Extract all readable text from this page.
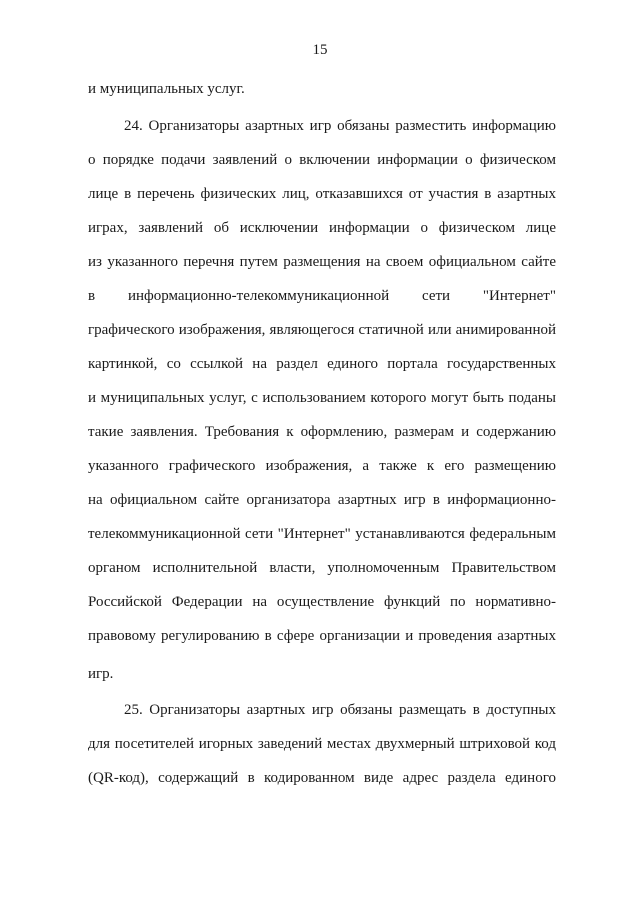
15
и муниципальных услуг.
24. Организаторы азартных игр обязаны разместить информацию
о порядке подачи заявлений о включении информации о физическом
лице в перечень физических лиц, отказавшихся от участия в азартных
играх, заявлений об исключении информации о физическом лице
из указанного перечня путем размещения на своем официальном сайте
в информационно-телекоммуникационной сети "Интернет"
графического изображения, являющегося статичной или анимированной
картинкой, со ссылкой на раздел единого портала государственных
и муниципальных услуг, с использованием которого могут быть поданы
такие заявления. Требования к оформлению, размерам и содержанию
указанного графического изображения, а также к его размещению
на официальном сайте организатора азартных игр в информационно-
телекоммуникационной сети "Интернет" устанавливаются федеральным
органом исполнительной власти, уполномоченным Правительством
Российской Федерации на осуществление функций по нормативно-
правовому регулированию в сфере организации и проведения азартных
игр.
25. Организаторы азартных игр обязаны размещать в доступных
для посетителей игорных заведений местах двухмерный штриховой код
(QR-код), содержащий в кодированном виде адрес раздела единого
